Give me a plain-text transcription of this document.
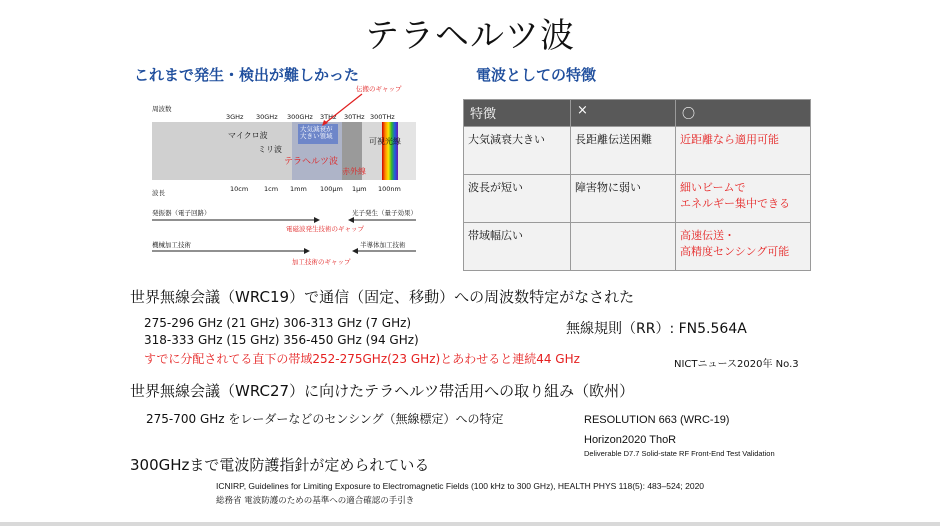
テラヘルツ波
これまで発生・検出が難しかった	電波としての特徴
伝搬のギャップ
周波数
3GHz 30GHz 300GHz 3THz 30THz 300THz
大気減衰が
大きい領域
マイクロ波
ミリ波
可視光線
テラヘルツ波
赤外線
波長	10cm 1cm 1mm 100μm 1μm 100nm
発振器（電子回路）	光子発生（量子効果）
電磁波発生技術のギャップ
機械加工技術	半導体加工技術
加工技術のギャップ
特徴	×	〇
大気減衰大きい	長距離伝送困難	近距離なら適用可能
波長が短い	障害物に弱い	細いビームで
エネルギー集中できる
帯域幅広い		高速伝送・
高精度センシング可能
世界無線会議（WRC19）で通信（固定、移動）への周波数特定がなされた
275-296 GHz (21 GHz) 306-313 GHz (7 GHz)
318-333 GHz (15 GHz) 356-450 GHz (94 GHz)
すでに分配されてる直下の帯域252-275GHz(23 GHz)とあわせると連続44 GHz
無線規則（RR）: FN5.564A
NICTニュース2020年 No.3
世界無線会議（WRC27）に向けたテラヘルツ帯活用への取り組み（欧州）
275-700 GHz をレーダーなどのセンシング（無線標定）への特定	RESOLUTION 663 (WRC-19)
Horizon2020 ThoR
Deliverable D7.7 Solid-state RF Front-End Test Validation
300GHzまで電波防護指針が定められている
ICNIRP, Guidelines for Limiting Exposure to Electromagnetic Fields (100 kHz to 300 GHz), HEALTH PHYS 118(5): 483–524; 2020
総務省 電波防護のための基準への適合確認の手引き
